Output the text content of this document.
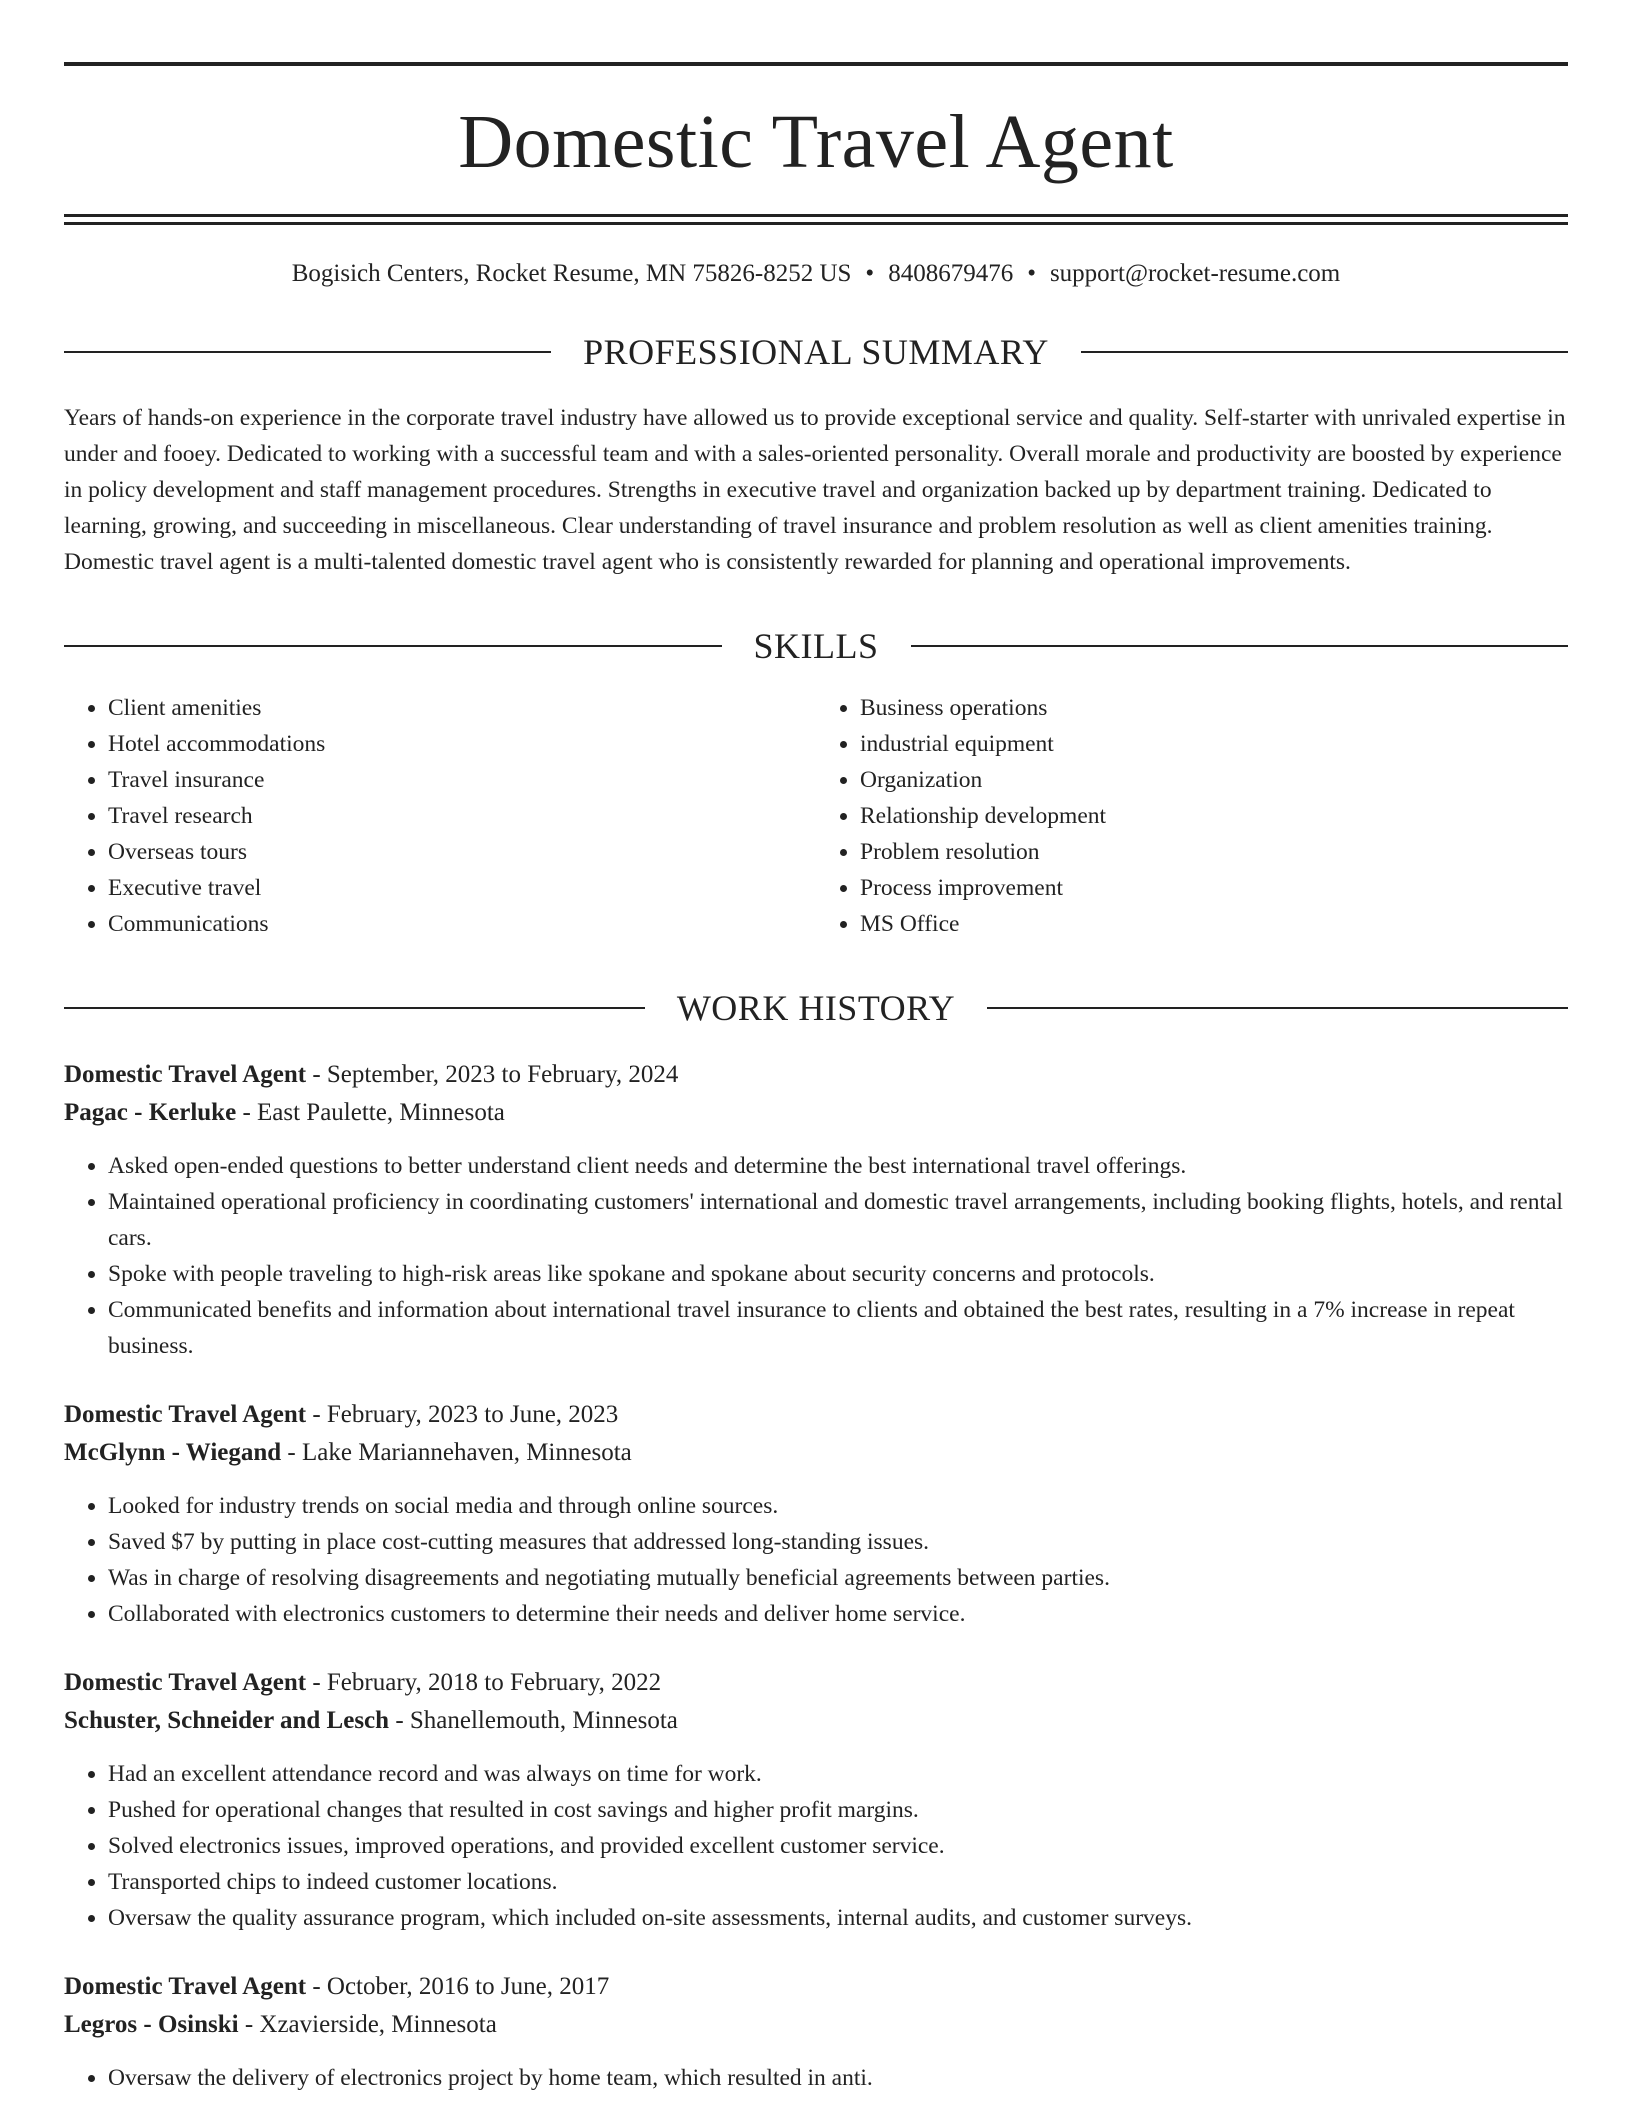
Domestic Travel Agent
Bogisich Centers, Rocket Resume, MN 75826-8252 US • 8408679476 • support@rocket-resume.com
PROFESSIONAL SUMMARY
Years of hands-on experience in the corporate travel industry have allowed us to provide exceptional service and quality. Self-starter with unrivaled expertise in under and fooey. Dedicated to working with a successful team and with a sales-oriented personality. Overall morale and productivity are boosted by experience in policy development and staff management procedures. Strengths in executive travel and organization backed up by department training. Dedicated to learning, growing, and succeeding in miscellaneous. Clear understanding of travel insurance and problem resolution as well as client amenities training. Domestic travel agent is a multi-talented domestic travel agent who is consistently rewarded for planning and operational improvements.
SKILLS
• Client amenities
• Hotel accommodations
• Travel insurance
• Travel research
• Overseas tours
• Executive travel
• Communications
• Business operations
• industrial equipment
• Organization
• Relationship development
• Problem resolution
• Process improvement
• MS Office
WORK HISTORY
Domestic Travel Agent - September, 2023 to February, 2024
Pagac - Kerluke - East Paulette, Minnesota
• Asked open-ended questions to better understand client needs and determine the best international travel offerings.
• Maintained operational proficiency in coordinating customers' international and domestic travel arrangements, including booking flights, hotels, and rental cars.
• Spoke with people traveling to high-risk areas like spokane and spokane about security concerns and protocols.
• Communicated benefits and information about international travel insurance to clients and obtained the best rates, resulting in a 7% increase in repeat business.
Domestic Travel Agent - February, 2023 to June, 2023
McGlynn - Wiegand - Lake Mariannehaven, Minnesota
• Looked for industry trends on social media and through online sources.
• Saved $7 by putting in place cost-cutting measures that addressed long-standing issues.
• Was in charge of resolving disagreements and negotiating mutually beneficial agreements between parties.
• Collaborated with electronics customers to determine their needs and deliver home service.
Domestic Travel Agent - February, 2018 to February, 2022
Schuster, Schneider and Lesch - Shanellemouth, Minnesota
• Had an excellent attendance record and was always on time for work.
• Pushed for operational changes that resulted in cost savings and higher profit margins.
• Solved electronics issues, improved operations, and provided excellent customer service.
• Transported chips to indeed customer locations.
• Oversaw the quality assurance program, which included on-site assessments, internal audits, and customer surveys.
Domestic Travel Agent - October, 2016 to June, 2017
Legros - Osinski - Xzavierside, Minnesota
• Oversaw the delivery of electronics project by home team, which resulted in anti.
